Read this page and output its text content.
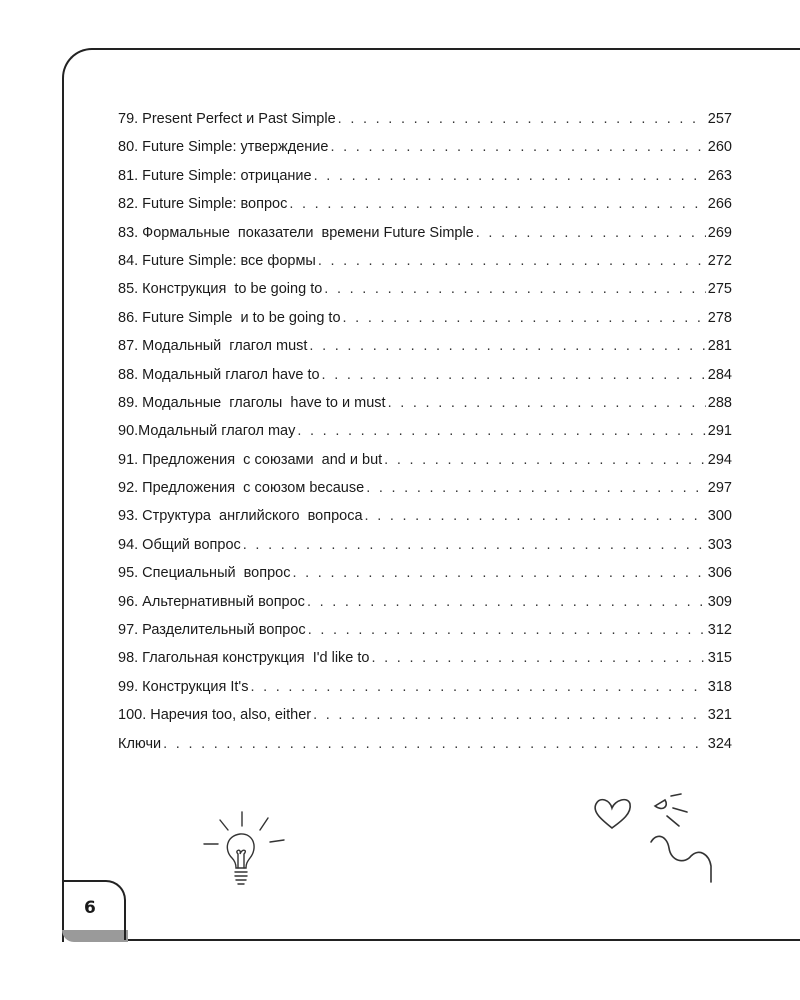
79. Present Perfect и Past Simple . . .	257
80. Future Simple: утверждение . . .	260
81. Future Simple: отрицание . . .	263
82. Future Simple: вопрос . . .	266
83. Формальные  показатели  времени Future Simple . . .	269
84. Future Simple: все формы . . .	272
85. Конструкция  to be going to . . .	275
86. Future Simple  и to be going to . . .	278
87. Модальный  глагол must . . .	281
88. Модальный глагол have to . . .	284
89. Модальные  глаголы  have to и must . . .	288
90.Модальный глагол may . . .	291
91. Предложения  с союзами  and и but . . .	294
92. Предложения  с союзом because . . .	297
93. Структура  английского  вопроса . . .	300
94. Общий вопрос . . .	303
95. Специальный  вопрос . . .	306
96. Альтернативный вопрос . . .	309
97. Разделительный вопрос . . .	312
98. Глагольная конструкция  I'd like to . . .	315
99. Конструкция It's . . .	318
100. Наречия too, also, either . . .	321
Ключи . . .	324
6
